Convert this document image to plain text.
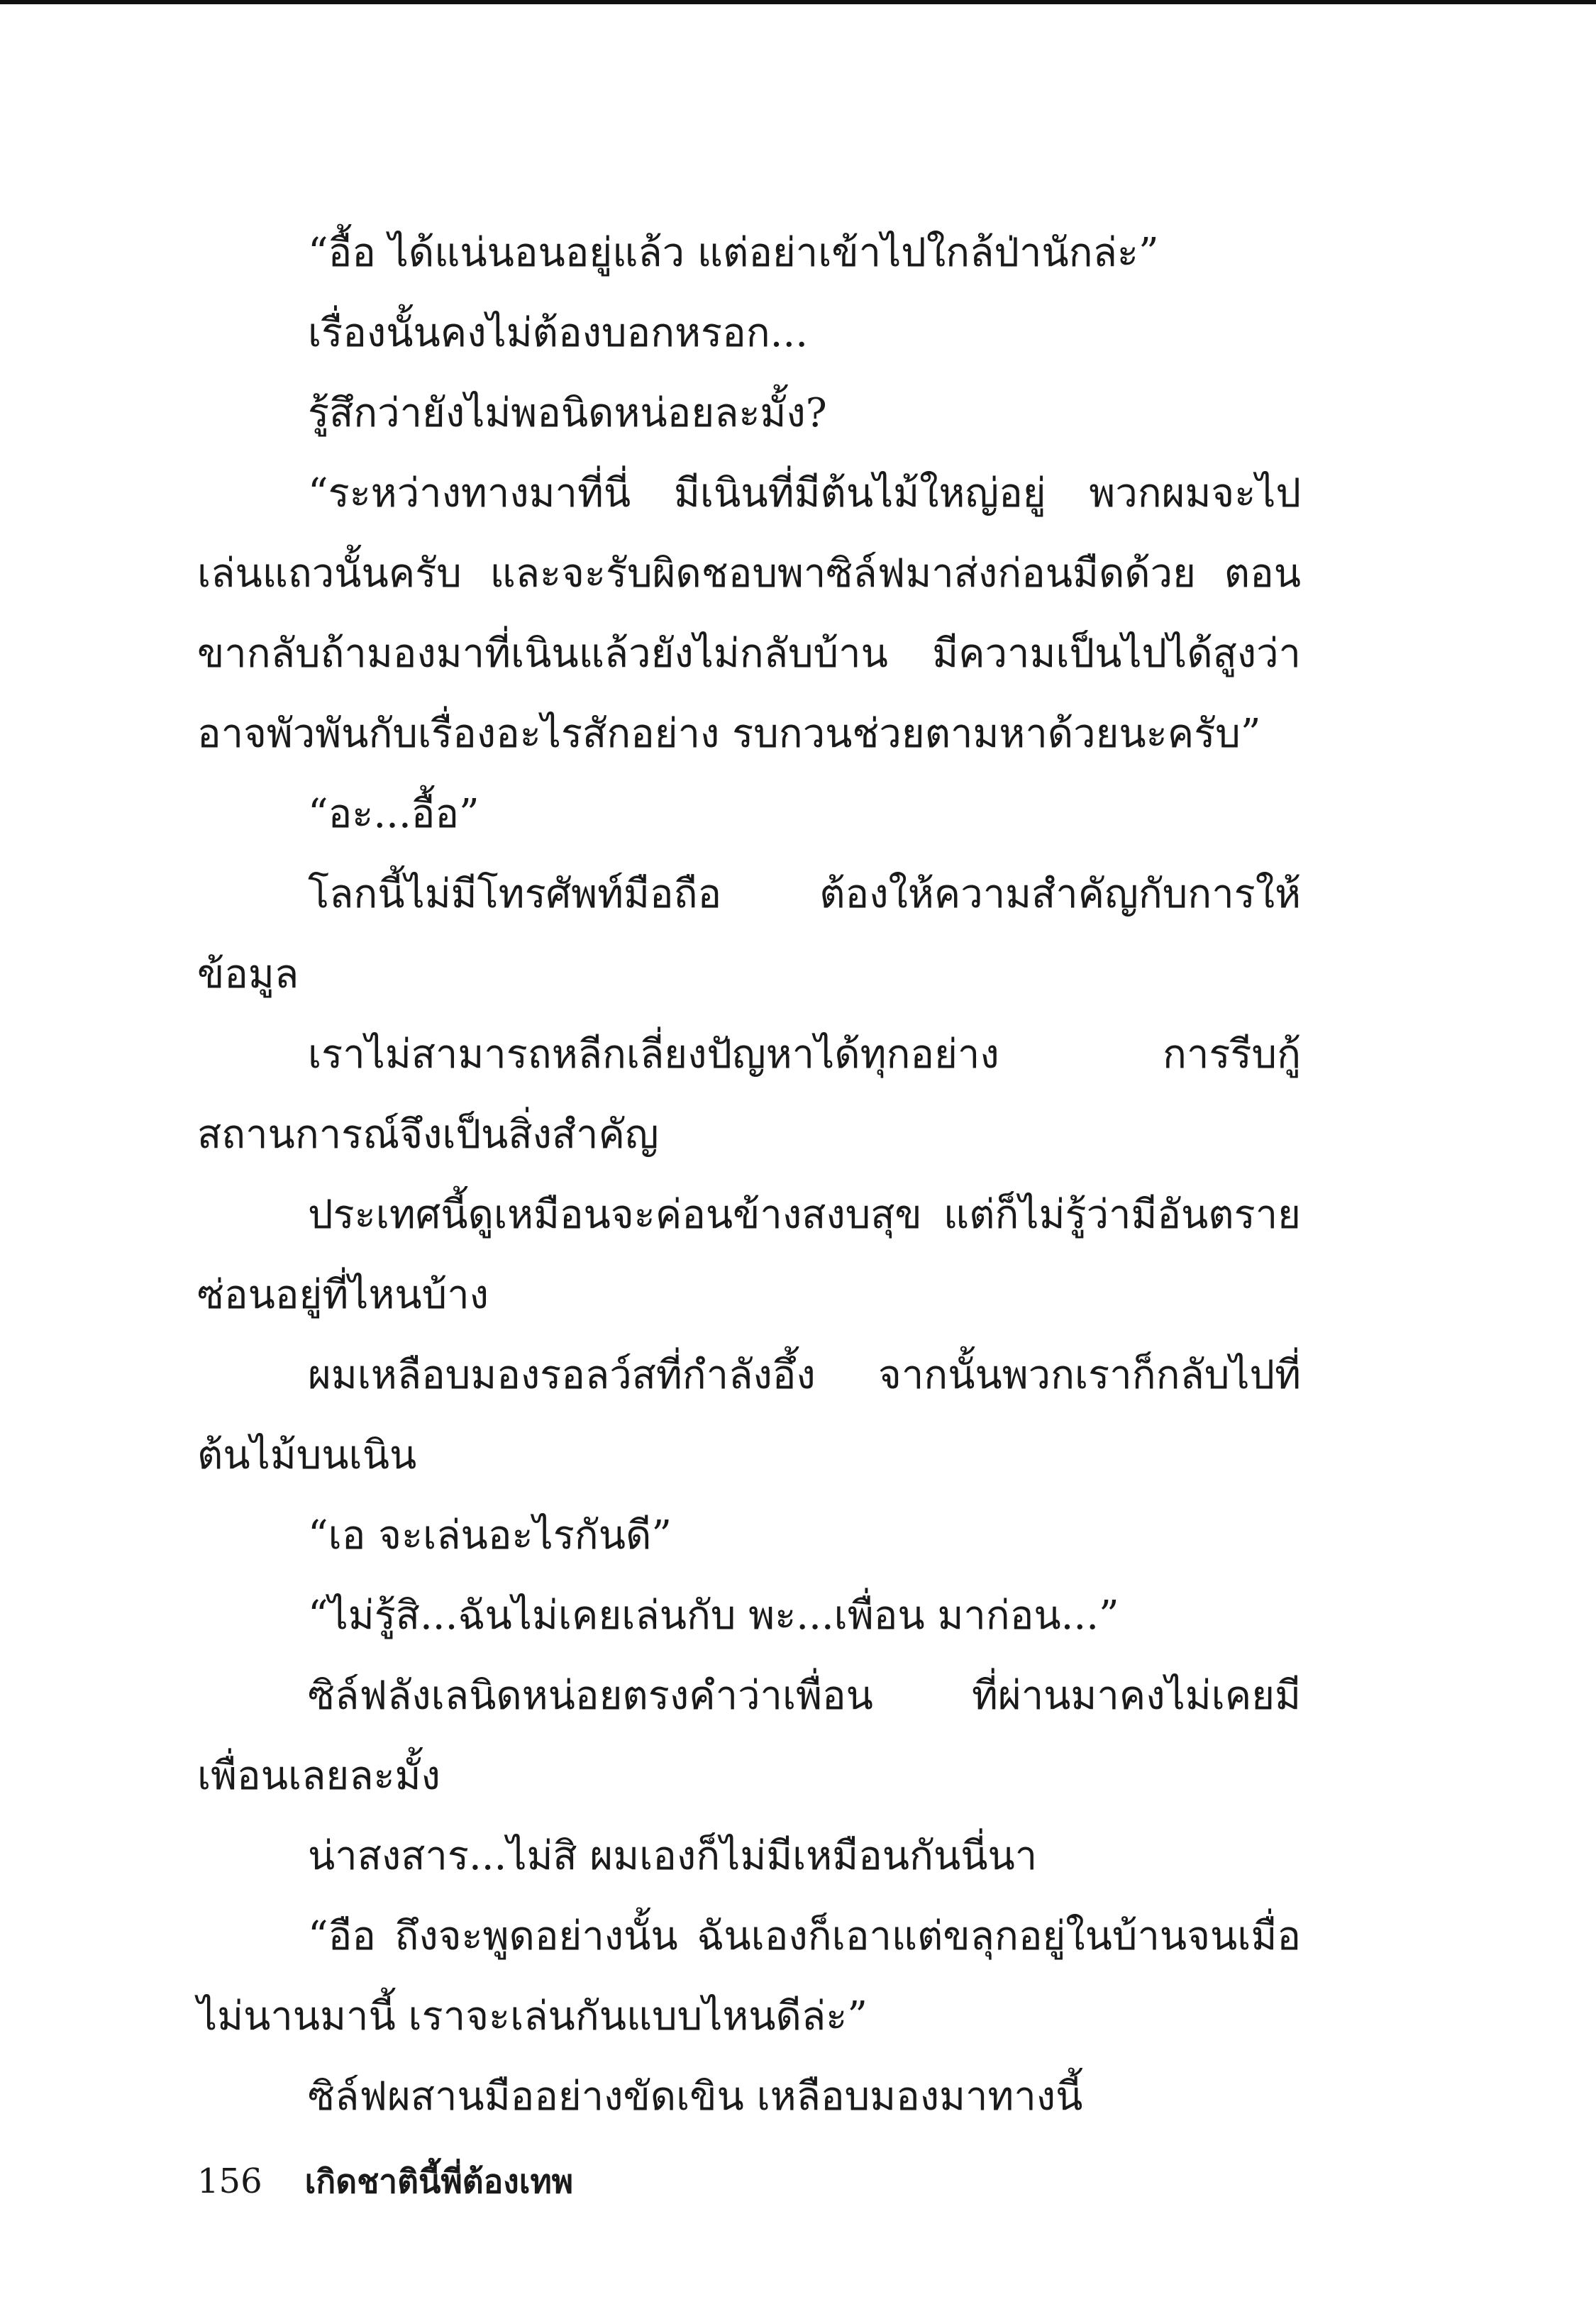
“อื้อ ได้แน่นอนอยู่แล้ว แต่อย่าเข้าไปใกล้ป่านักล่ะ”

เรื่องนั้นคงไม่ต้องบอกหรอก...

รู้สึกว่ายังไม่พอนิดหน่อยละมั้ง?

“ระหว่างทางมาที่นี่ มีเนินที่มีต้นไม้ใหญ่อยู่ พวกผมจะไปเล่นแถวนั้นครับ และจะรับผิดชอบพาซิล์ฟมาส่งก่อนมืดด้วย ตอนขากลับถ้ามองมาที่เนินแล้วยังไม่กลับบ้าน มีความเป็นไปได้สูงว่าอาจพัวพันกับเรื่องอะไรสักอย่าง รบกวนช่วยตามหาด้วยนะครับ”

“อะ...อื้อ”

โลกนี้ไม่มีโทรศัพท์มือถือ ต้องให้ความสำคัญกับการให้ข้อมูล

เราไม่สามารถหลีกเลี่ยงปัญหาได้ทุกอย่าง การรีบกู้สถานการณ์จึงเป็นสิ่งสำคัญ

ประเทศนี้ดูเหมือนจะค่อนข้างสงบสุข แต่ก็ไม่รู้ว่ามีอันตรายซ่อนอยู่ที่ไหนบ้าง

ผมเหลือบมองรอลว์สที่กำลังอึ้ง จากนั้นพวกเราก็กลับไปที่ต้นไม้บนเนิน

“เอ จะเล่นอะไรกันดี”

“ไม่รู้สิ...ฉันไม่เคยเล่นกับ พะ...เพื่อน มาก่อน...”

ซิล์ฟลังเลนิดหน่อยตรงคำว่าเพื่อน ที่ผ่านมาคงไม่เคยมีเพื่อนเลยละมั้ง

น่าสงสาร...ไม่สิ ผมเองก็ไม่มีเหมือนกันนี่นา

“อือ ถึงจะพูดอย่างนั้น ฉันเองก็เอาแต่ขลุกอยู่ในบ้านจนเมื่อไม่นานมานี้ เราจะเล่นกันแบบไหนดีล่ะ”

ซิล์ฟผสานมืออย่างขัดเขิน เหลือบมองมาทางนี้

156 เกิดชาตินี้พี่ต้องเทพ
